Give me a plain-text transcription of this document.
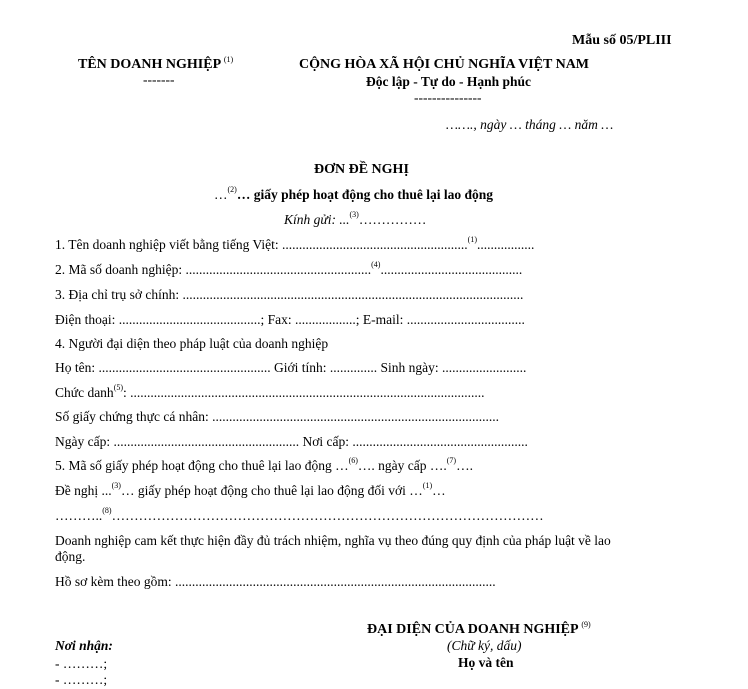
Mẫu số 05/PLIII
TÊN DOANH NGHIỆP $^{(1)}$
-------
CỘNG HÒA XÃ HỘI CHỦ NGHĨA VIỆT NAM
Độc lập - Tự do - Hạnh phúc
---------------
……., ngày … tháng … năm …
ĐƠN ĐỀ NGHỊ
…$^{(2)}$… giấy phép hoạt động cho thuê lại lao động
Kính gửi: ...$^{(3)}$……………
1. Tên doanh nghiệp viết bằng tiếng Việt: .......................................................$^{(1)}$.................
2. Mã số doanh nghiệp: .......................................................$^{(4)}$..........................................
3. Địa chỉ trụ sở chính: .....................................................................................................
Điện thoại: ..........................................; Fax: ..................; E-mail: ...................................
4. Người đại diện theo pháp luật của doanh nghiệp
Họ tên: ................................................... Giới tính: .............. Sinh ngày: .........................
Chức danh$^{(5)}$: .........................................................................................................
Số giấy chứng thực cá nhân: .....................................................................................
Ngày cấp: ....................................................... Nơi cấp: ....................................................
5. Mã số giấy phép hoạt động cho thuê lại lao động …$^{(6)}$…. ngày cấp ….$^{(7)}$….
Đề nghị ...$^{(3)}$… giấy phép hoạt động cho thuê lại lao động đối với …$^{(1)}$…
………..$^{(8)}$……………………………………………………………………………………
Doanh nghiệp cam kết thực hiện đầy đủ trách nhiệm, nghĩa vụ theo đúng quy định của pháp luật về lao
động.
Hồ sơ kèm theo gồm: ...............................................................................................
Nơi nhận:
- ………;
- ………;
ĐẠI DIỆN CỦA DOANH NGHIỆP $^{(9)}$
(Chữ ký, dấu)
Họ và tên
